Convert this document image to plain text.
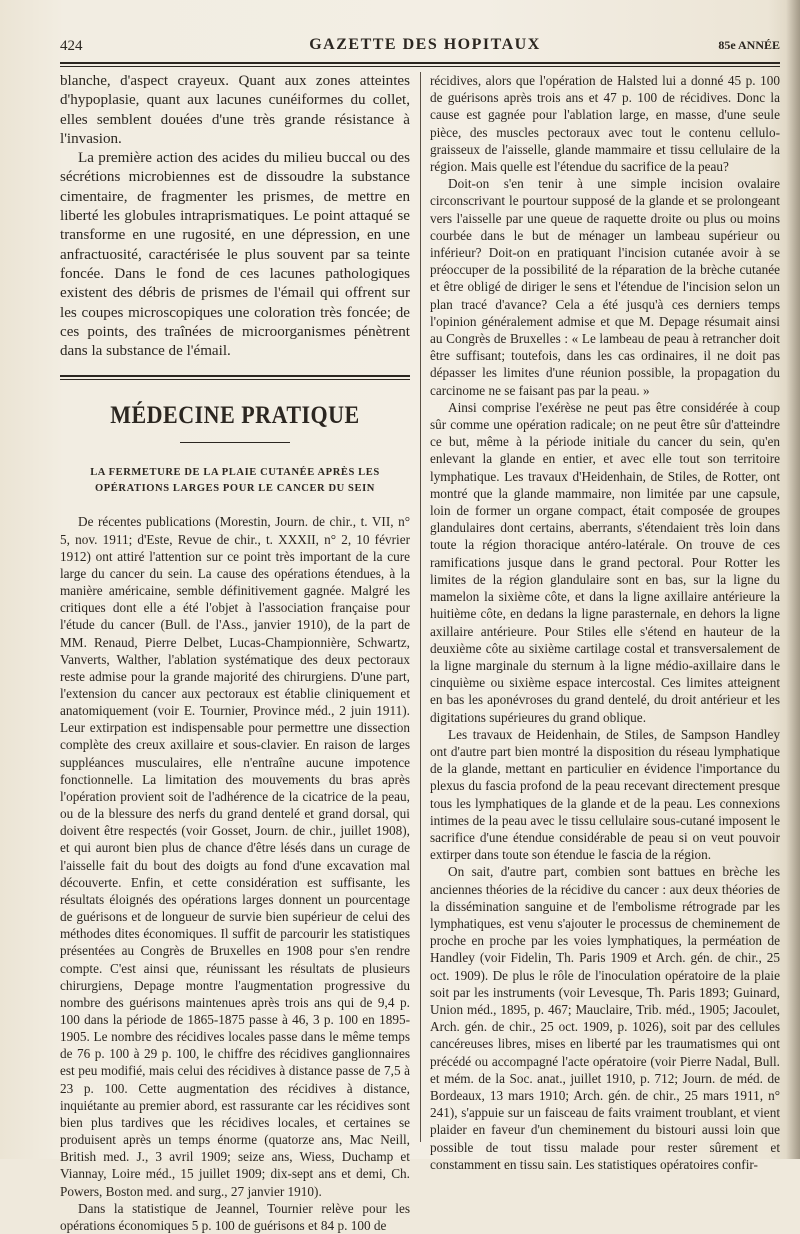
424	GAZETTE DES HOPITAUX	85e ANNÉE

blanche, d'aspect crayeux. Quant aux zones atteintes d'hypoplasie, quant aux lacunes cunéiformes du collet, elles semblent douées d'une très grande résistance à l'invasion.

La première action des acides du milieu buccal ou des sécrétions microbiennes est de dissoudre la substance cimentaire, de fragmenter les prismes, de mettre en liberté les globules intraprismatiques. Le point attaqué se transforme en une rugosité, en une dépression, en une anfractuosité, caractérisée le plus souvent par sa teinte foncée. Dans le fond de ces lacunes pathologiques existent des débris de prismes de l'émail qui offrent sur les coupes microscopiques une coloration très foncée; de ces points, des traînées de microorganismes pénètrent dans la substance de l'émail.

MÉDECINE PRATIQUE
LA FERMETURE DE LA PLAIE CUTANÉE APRÈS LES OPÉRATIONS LARGES POUR LE CANCER DU SEIN

De récentes publications (Morestin, Journ. de chir., t. VII, n° 5, nov. 1911; d'Este, Revue de chir., t. XXXII, n° 2, 10 février 1912) ont attiré l'attention sur ce point très important de la cure large du cancer du sein. La cause des opérations étendues, à la manière américaine, semble définitivement gagnée. Malgré les critiques dont elle a été l'objet à l'association française pour l'étude du cancer (Bull. de l'Ass., janvier 1910), de la part de MM. Renaud, Pierre Delbet, Lucas-Championnière, Schwartz, Vanverts, Walther, l'ablation systématique des deux pectoraux reste admise pour la grande majorité des chirurgiens. D'une part, l'extension du cancer aux pectoraux est établie cliniquement et anatomiquement (voir E. Tournier, Province méd., 2 juin 1911). Leur extirpation est indispensable pour permettre une dissection complète des creux axillaire et sous-clavier. En raison de larges suppléances musculaires, elle n'entraîne aucune impotence fonctionnelle. La limitation des mouvements du bras après l'opération provient soit de l'adhérence de la cicatrice de la peau, ou de la blessure des nerfs du grand dentelé et grand dorsal, qui doivent être respectés (voir Gosset, Journ. de chir., juillet 1908), et qui auront bien plus de chance d'être lésés dans un curage de l'aisselle fait du bout des doigts au fond d'une excavation mal découverte. Enfin, et cette considération est suffisante, les résultats éloignés des opérations larges donnent un pourcentage de guérisons et de longueur de survie bien supérieur de celui des méthodes dites économiques. Il suffit de parcourir les statistiques présentées au Congrès de Bruxelles en 1908 pour s'en rendre compte. C'est ainsi que, réunissant les résultats de plusieurs chirurgiens, Depage montre l'augmentation progressive du nombre des guérisons maintenues après trois ans qui de 9,4 p. 100 dans la période de 1865-1875 passe à 46, 3 p. 100 en 1895-1905. Le nombre des récidives locales passe dans le même temps de 76 p. 100 à 29 p. 100, le chiffre des récidives ganglionnaires est peu modifié, mais celui des récidives à distance passe de 7,5 à 23 p. 100. Cette augmentation des récidives à distance, inquiétante au premier abord, est rassurante car les récidives sont bien plus tardives que les récidives locales, et certaines se produisent après un temps énorme (quatorze ans, Mac Neill, British med. J., 3 avril 1909; seize ans, Wiess, Duchamp et Viannay, Loire méd., 15 juillet 1909; dix-sept ans et demi, Ch. Powers, Boston med. and surg., 27 janvier 1910).

Dans la statistique de Jeannel, Tournier relève pour les opérations économiques 5 p. 100 de guérisons et 84 p. 100 de

récidives, alors que l'opération de Halsted lui a donné 45 p. 100 de guérisons après trois ans et 47 p. 100 de récidives. Donc la cause est gagnée pour l'ablation large, en masse, d'une seule pièce, des muscles pectoraux avec tout le contenu cellulo-graisseux de l'aisselle, glande mammaire et tissu cellulaire de la région. Mais quelle est l'étendue du sacrifice de la peau?

Doit-on s'en tenir à une simple incision ovalaire circonscrivant le pourtour supposé de la glande et se prolongeant vers l'aisselle par une queue de raquette droite ou plus ou moins courbée dans le but de ménager un lambeau supérieur ou inférieur? Doit-on en pratiquant l'incision cutanée avoir à se préoccuper de la possibilité de la réparation de la brèche cutanée et être obligé de diriger le sens et l'étendue de l'incision selon un plan tracé d'avance? Cela a été jusqu'à ces derniers temps l'opinion généralement admise et que M. Depage résumait ainsi au Congrès de Bruxelles : « Le lambeau de peau à retrancher doit être suffisant; toutefois, dans les cas ordinaires, il ne doit pas dépasser les limites d'une réunion possible, la propagation du carcinome ne se faisant pas par la peau. »

Ainsi comprise l'exérèse ne peut pas être considérée à coup sûr comme une opération radicale; on ne peut être sûr d'atteindre ce but, même à la période initiale du cancer du sein, qu'en enlevant la glande en entier, et avec elle tout son territoire lymphatique. Les travaux d'Heidenhain, de Stiles, de Rotter, ont montré que la glande mammaire, non limitée par une capsule, loin de former un organe compact, était composée de groupes glandulaires dont certains, aberrants, s'étendaient très loin dans toute la région thoracique antéro-latérale. On trouve de ces ramifications jusque dans le grand pectoral. Pour Rotter les limites de la région glandulaire sont en bas, sur la ligne du mamelon la sixième côte, et dans la ligne axillaire antérieure la huitième côte, en dedans la ligne parasternale, en dehors la ligne axillaire antérieure. Pour Stiles elle s'étend en hauteur de la deuxième côte au sixième cartilage costal et transversalement de la ligne marginale du sternum à la ligne médio-axillaire dans le cinquième ou sixième espace intercostal. Ces limites atteignent en bas les aponévroses du grand dentelé, du droit antérieur et les digitations supérieures du grand oblique.

Les travaux de Heidenhain, de Stiles, de Sampson Handley ont d'autre part bien montré la disposition du réseau lymphatique de la glande, mettant en particulier en évidence l'importance du plexus du fascia profond de la peau recevant directement presque tous les lymphatiques de la glande et de la peau. Les connexions intimes de la peau avec le tissu cellulaire sous-cutané imposent le sacrifice d'une étendue considérable de peau si on veut pouvoir extirper dans toute son étendue le fascia de la région.

On sait, d'autre part, combien sont battues en brèche les anciennes théories de la récidive du cancer : aux deux théories de la dissémination sanguine et de l'embolisme rétrograde par les lymphatiques, est venu s'ajouter le processus de cheminement de proche en proche par les voies lymphatiques, la perméation de Handley (voir Fidelin, Th. Paris 1909 et Arch. gén. de chir., 25 oct. 1909). De plus le rôle de l'inoculation opératoire de la plaie soit par les instruments (voir Levesque, Th. Paris 1893; Guinard, Union méd., 1895, p. 467; Mauclaire, Trib. méd., 1905; Jacoulet, Arch. gén. de chir., 25 oct. 1909, p. 1026), soit par des cellules cancéreuses libres, mises en liberté par les traumatismes qui ont précédé ou accompagné l'acte opératoire (voir Pierre Nadal, Bull. et mém. de la Soc. anat., juillet 1910, p. 712; Journ. de méd. de Bordeaux, 13 mars 1910; Arch. gén. de chir., 25 mars 1911, n° 241), s'appuie sur un faisceau de faits vraiment troublant, et vient plaider en faveur d'un cheminement du bistouri aussi loin que possible de tout tissu malade pour rester sûrement et constamment en tissu sain. Les statistiques opératoires confir-
